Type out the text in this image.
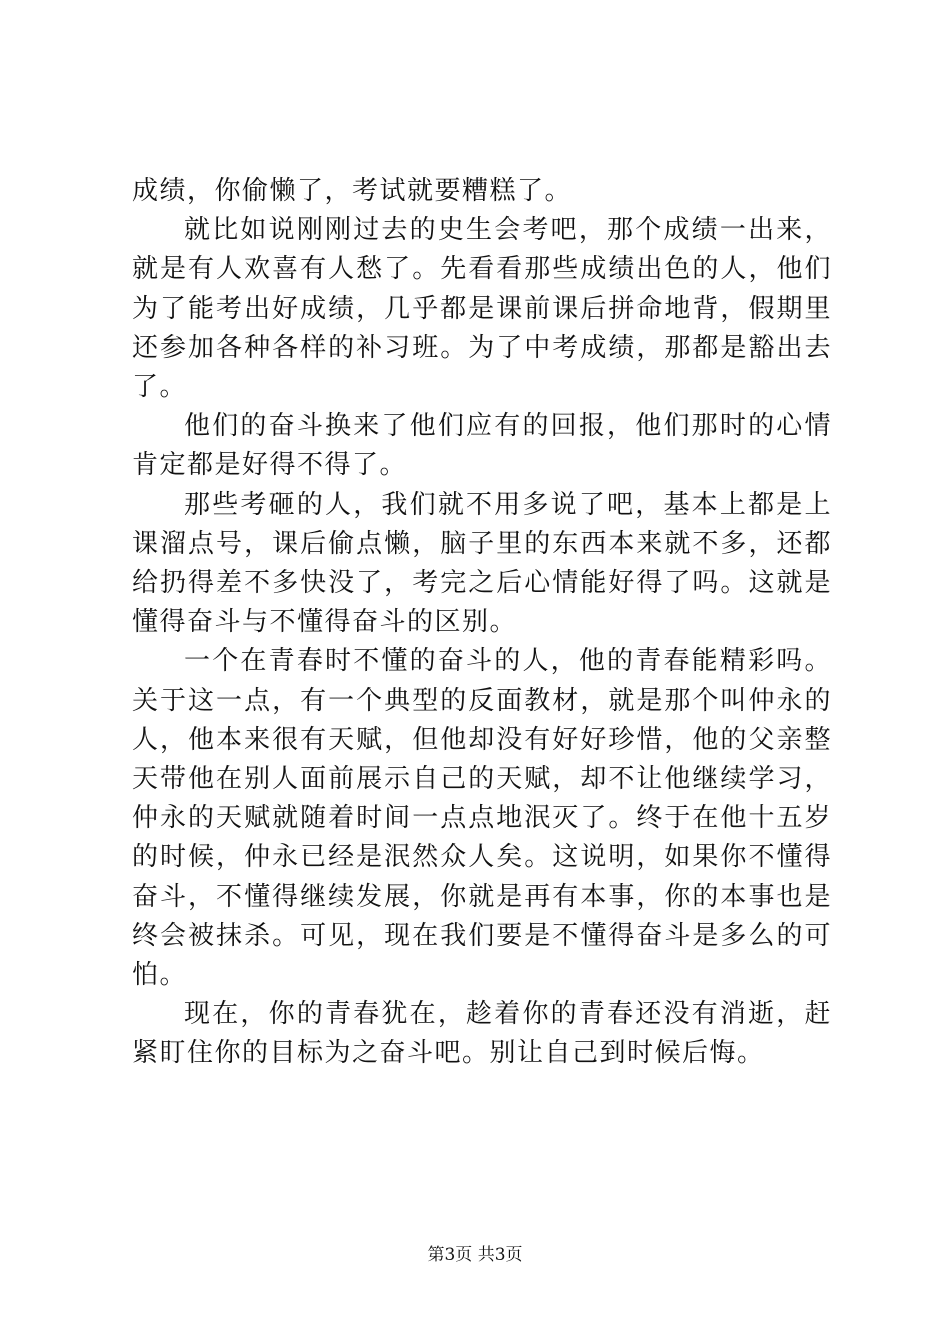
成绩，你偷懒了，考试就要糟糕了。

就比如说刚刚过去的史生会考吧，那个成绩一出来，就是有人欢喜有人愁了。先看看那些成绩出色的人，他们为了能考出好成绩，几乎都是课前课后拼命地背，假期里还参加各种各样的补习班。为了中考成绩，那都是豁出去了。

他们的奋斗换来了他们应有的回报，他们那时的心情肯定都是好得不得了。

那些考砸的人，我们就不用多说了吧，基本上都是上课溜点号，课后偷点懒，脑子里的东西本来就不多，还都给扔得差不多快没了，考完之后心情能好得了吗。这就是懂得奋斗与不懂得奋斗的区别。

一个在青春时不懂的奋斗的人，他的青春能精彩吗。关于这一点，有一个典型的反面教材，就是那个叫仲永的人，他本来很有天赋，但他却没有好好珍惜，他的父亲整天带他在别人面前展示自己的天赋，却不让他继续学习，仲永的天赋就随着时间一点点地泯灭了。终于在他十五岁的时候，仲永已经是泯然众人矣。这说明，如果你不懂得奋斗，不懂得继续发展，你就是再有本事，你的本事也是终会被抹杀。可见，现在我们要是不懂得奋斗是多么的可怕。

现在，你的青春犹在，趁着你的青春还没有消逝，赶紧盯住你的目标为之奋斗吧。别让自己到时候后悔。

第3页 共3页
